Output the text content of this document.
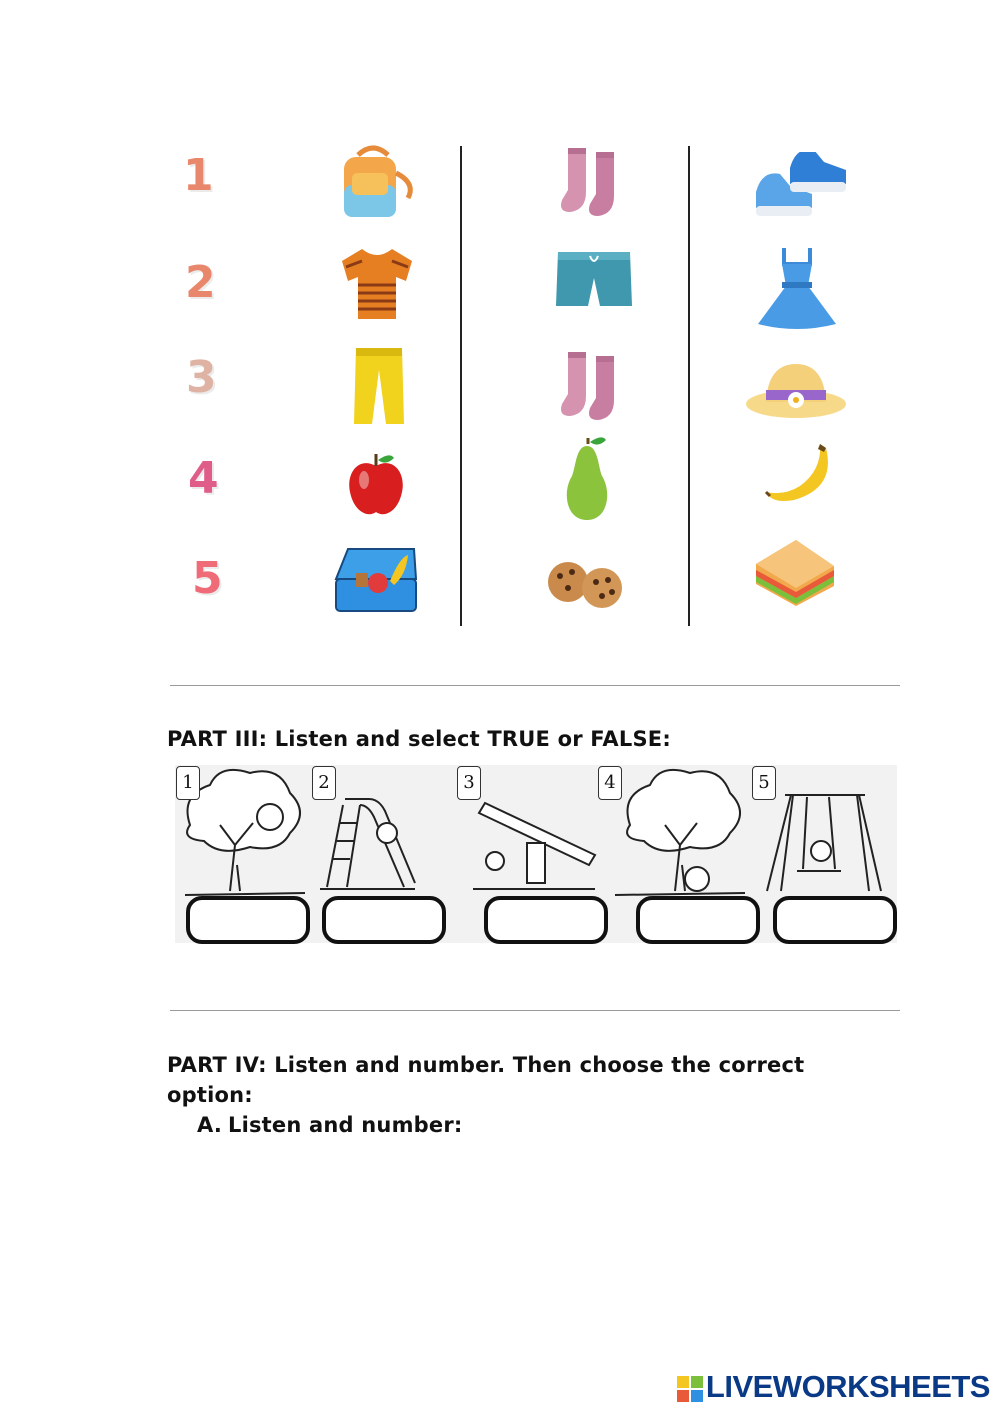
1
2
3
4
5
PART III: Listen and select TRUE or FALSE:
1	2	3	4	5
PART IV: Listen and number. Then choose the correct
option:
A. Listen and number:
LIVEWORKSHEETS
